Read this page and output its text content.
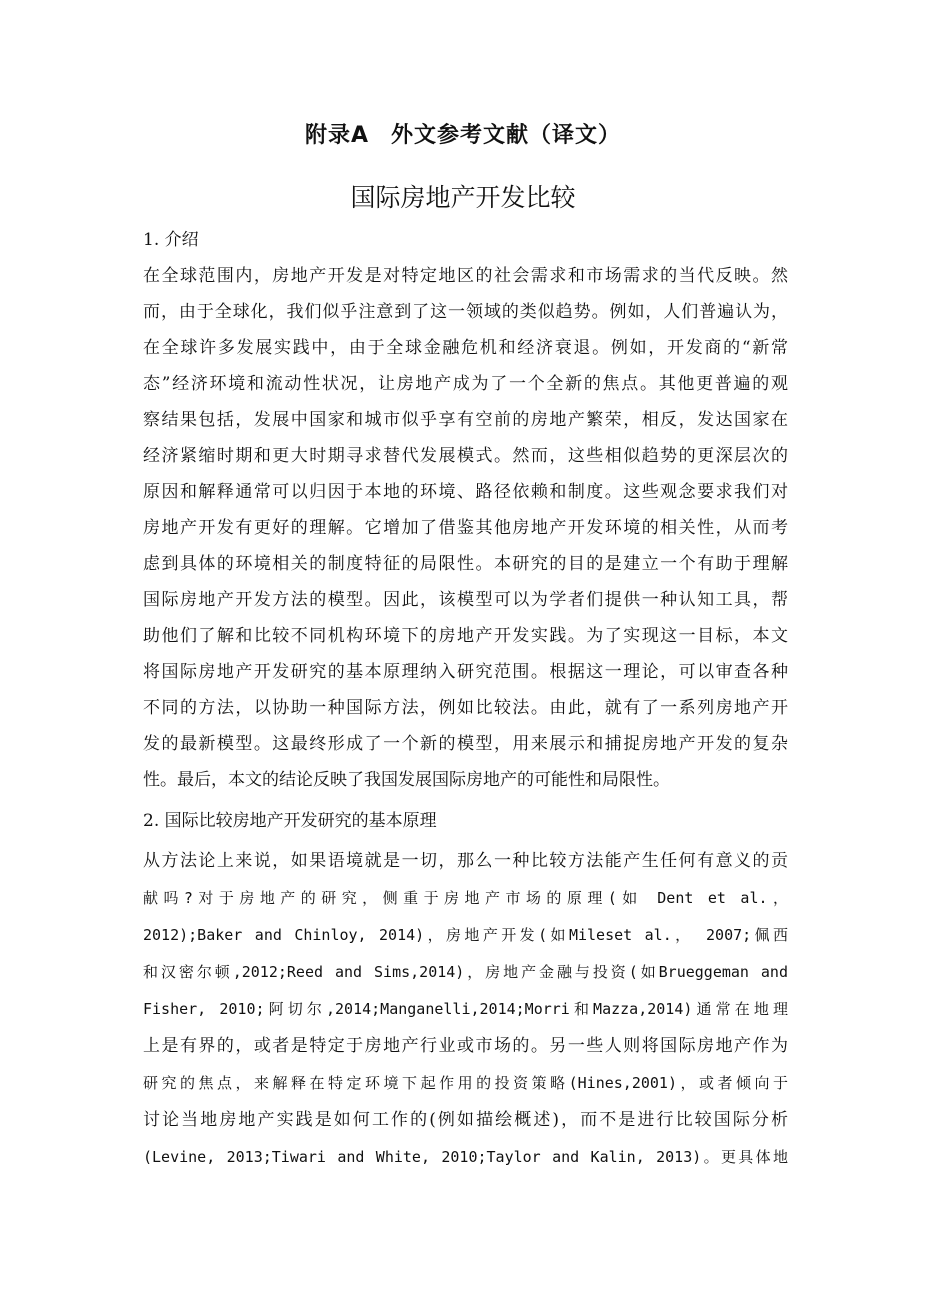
附录A 外文参考文献（译文）
国际房地产开发比较
1. 介绍
在全球范围内，房地产开发是对特定地区的社会需求和市场需求的当代反映。然
而，由于全球化，我们似乎注意到了这一领域的类似趋势。例如，人们普遍认为，
在全球许多发展实践中，由于全球金融危机和经济衰退。例如，开发商的“新常
态”经济环境和流动性状况，让房地产成为了一个全新的焦点。其他更普遍的观
察结果包括，发展中国家和城市似乎享有空前的房地产繁荣，相反，发达国家在
经济紧缩时期和更大时期寻求替代发展模式。然而，这些相似趋势的更深层次的
原因和解释通常可以归因于本地的环境、路径依赖和制度。这些观念要求我们对
房地产开发有更好的理解。它增加了借鉴其他房地产开发环境的相关性，从而考
虑到具体的环境相关的制度特征的局限性。本研究的目的是建立一个有助于理解
国际房地产开发方法的模型。因此，该模型可以为学者们提供一种认知工具，帮
助他们了解和比较不同机构环境下的房地产开发实践。为了实现这一目标，本文
将国际房地产开发研究的基本原理纳入研究范围。根据这一理论，可以审查各种
不同的方法，以协助一种国际方法，例如比较法。由此，就有了一系列房地产开
发的最新模型。这最终形成了一个新的模型，用来展示和捕捉房地产开发的复杂
性。最后，本文的结论反映了我国发展国际房地产的可能性和局限性。
2. 国际比较房地产开发研究的基本原理
从方法论上来说，如果语境就是一切，那么一种比较方法能产生任何有意义的贡
献吗?对于房地产的研究，侧重于房地产市场的原理(如 Dent et al.，
2012);Baker and Chinloy, 2014)，房地产开发(如Mileset al.， 2007;佩西
和汉密尔顿,2012;Reed and Sims,2014)，房地产金融与投资(如Brueggeman and
Fisher, 2010;阿切尔,2014;Manganelli,2014;Morri和Mazza,2014)通常在地理
上是有界的，或者是特定于房地产行业或市场的。另一些人则将国际房地产作为
研究的焦点，来解释在特定环境下起作用的投资策略(Hines,2001)，或者倾向于
讨论当地房地产实践是如何工作的(例如描绘概述)，而不是进行比较国际分析
(Levine, 2013;Tiwari and White, 2010;Taylor and Kalin, 2013)。更具体地
